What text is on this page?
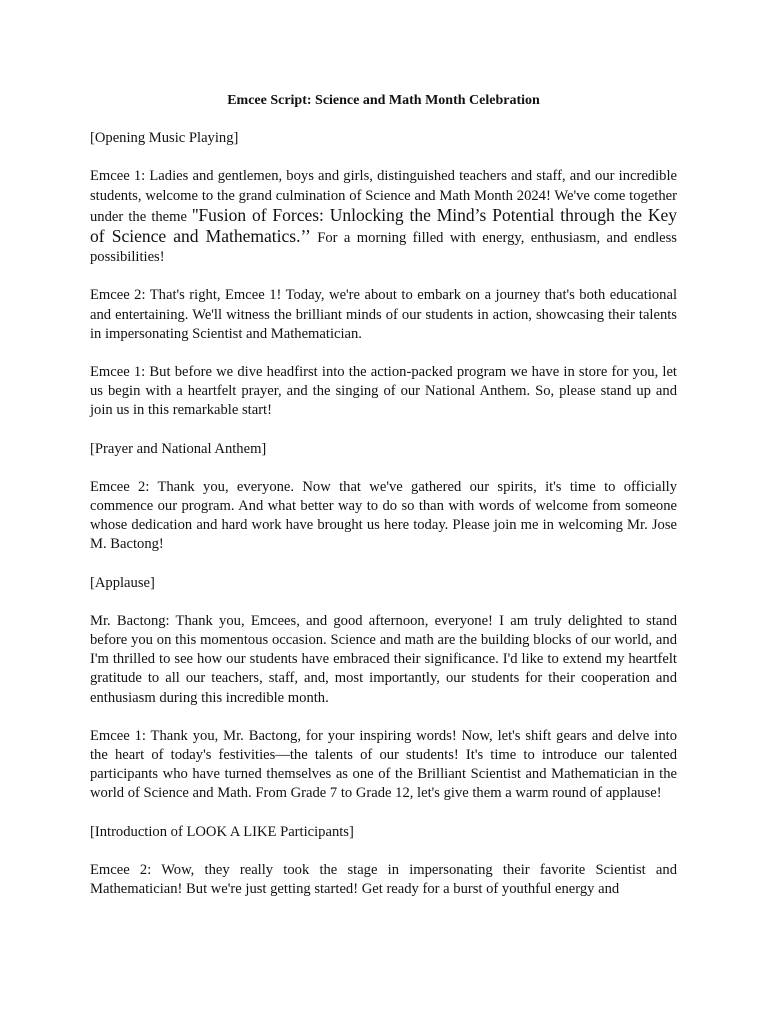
Emcee Script: Science and Math Month Celebration

[Opening Music Playing]

Emcee 1: Ladies and gentlemen, boys and girls, distinguished teachers and staff, and our incredible students, welcome to the grand culmination of Science and Math Month 2024! We've come together under the theme ''Fusion of Forces: Unlocking the Mind’s Potential through the Key of Science and Mathematics.’’ For a morning filled with energy, enthusiasm, and endless possibilities!

Emcee 2: That's right, Emcee 1! Today, we're about to embark on a journey that's both educational and entertaining. We'll witness the brilliant minds of our students in action, showcasing their talents in impersonating Scientist and Mathematician.

Emcee 1: But before we dive headfirst into the action-packed program we have in store for you, let us begin with a heartfelt prayer, and the singing of our National Anthem. So, please stand up and join us in this remarkable start!

[Prayer and National Anthem]

Emcee 2: Thank you, everyone. Now that we've gathered our spirits, it's time to officially commence our program. And what better way to do so than with words of welcome from someone whose dedication and hard work have brought us here today. Please join me in welcoming Mr. Jose M. Bactong!

[Applause]

Mr. Bactong: Thank you, Emcees, and good afternoon, everyone! I am truly delighted to stand before you on this momentous occasion. Science and math are the building blocks of our world, and I'm thrilled to see how our students have embraced their significance. I'd like to extend my heartfelt gratitude to all our teachers, staff, and, most importantly, our students for their cooperation and enthusiasm during this incredible month.

Emcee 1: Thank you, Mr. Bactong, for your inspiring words! Now, let's shift gears and delve into the heart of today's festivities—the talents of our students! It's time to introduce our talented participants who have turned themselves as one of the Brilliant Scientist and Mathematician in the world of Science and Math. From Grade 7 to Grade 12, let's give them a warm round of applause!

[Introduction of LOOK A LIKE Participants]

Emcee 2: Wow, they really took the stage in impersonating their favorite Scientist and Mathematician! But we're just getting started! Get ready for a burst of youthful energy and
